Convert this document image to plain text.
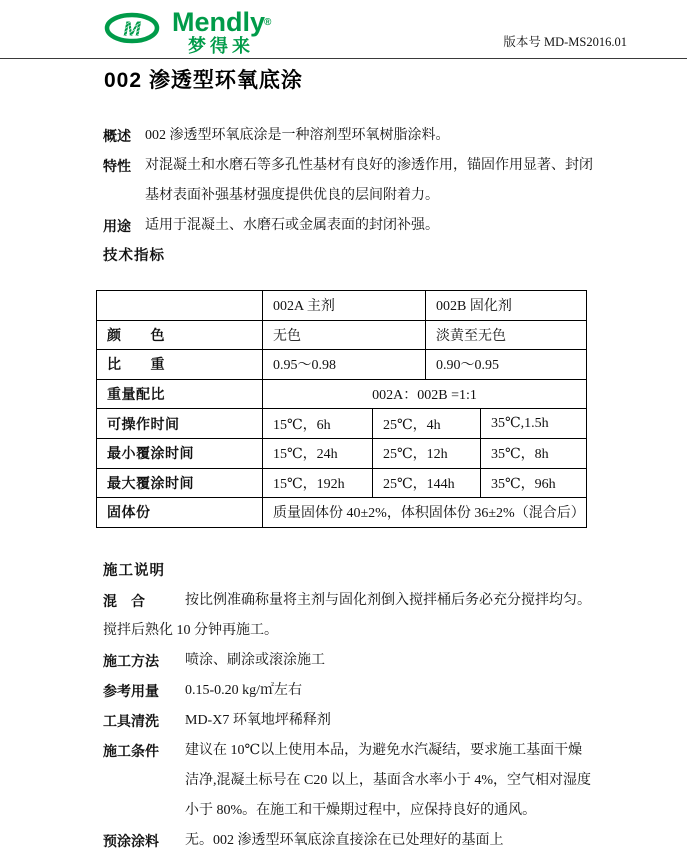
M	®
Mendly
梦得来	版本号 MD-MS2016.01
002 渗透型环氧底涂
概述	002 渗透型环氧底涂是一种溶剂型环氧树脂涂料。
特性	对混凝土和水磨石等多孔性基材有良好的渗透作用，锚固作用显著、封闭
基材表面补强基材强度提供优良的层间附着力。
用途	适用于混凝土、水磨石或金属表面的封闭补强。
技术指标
	002A 主剂		002B 固化剂	
颜　　色	无色		淡黄至无色	
比　　重	0.95～0.98		0.90～0.95	
重量配比	002A：002B =1:1			
可操作时间	15℃，6h	25℃，4h		35℃,1.5h
最小覆涂时间	15℃，24h	25℃，12h		35℃，8h
最大覆涂时间	15℃，192h	25℃，144h		35℃，96h
固体份	质量固体份 40±2%，体积固体份 36±2%（混合后）			
施工说明
混　合	按比例准确称量将主剂与固化剂倒入搅拌桶后务必充分搅拌均匀。
搅拌后熟化 10 分钟再施工。
施工方法	喷涂、刷涂或滚涂施工
参考用量	0.15-0.20 kg/㎡左右
工具清洗	MD-X7 环氧地坪稀释剂
施工条件	建议在 10℃以上使用本品，为避免水汽凝结，要求施工基面干燥
洁净,混凝土标号在 C20 以上，基面含水率小于 4%，空气相对湿度
小于 80%。在施工和干燥期过程中，应保持良好的通风。
预涂涂料	无。002 渗透型环氧底涂直接涂在已处理好的基面上
